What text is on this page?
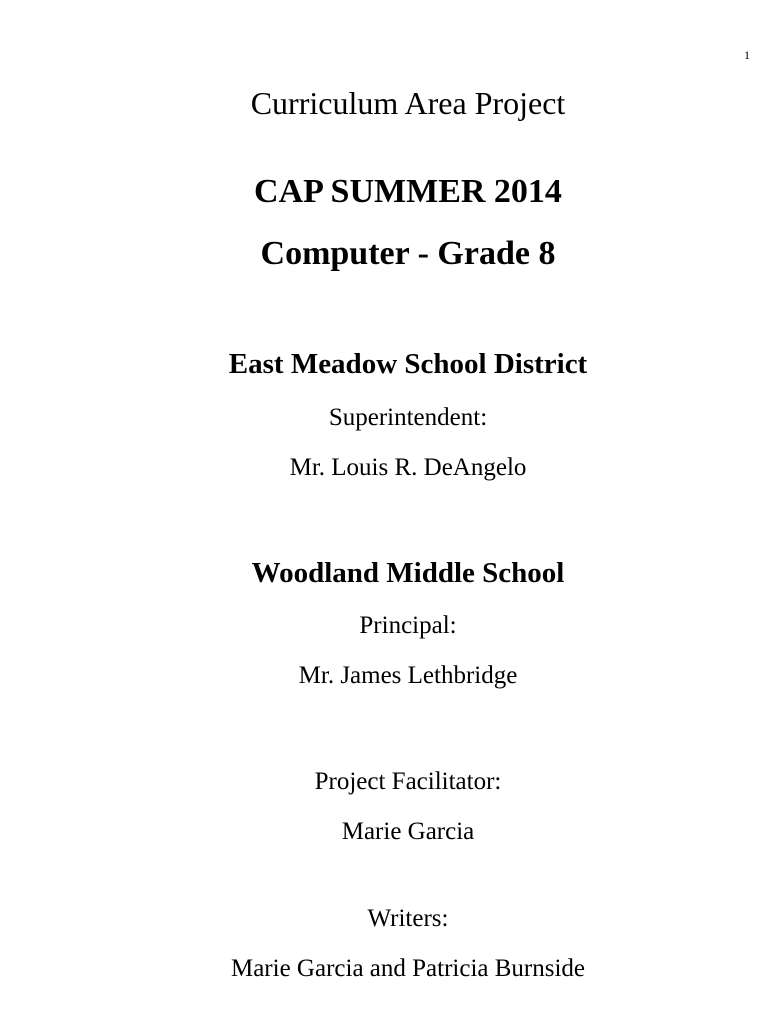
1
Curriculum Area Project
CAP SUMMER 2014
Computer - Grade 8
East Meadow School District
Superintendent:
Mr. Louis R. DeAngelo
Woodland Middle School
Principal:
Mr. James Lethbridge
Project Facilitator:
Marie Garcia
Writers:
Marie Garcia and Patricia Burnside
